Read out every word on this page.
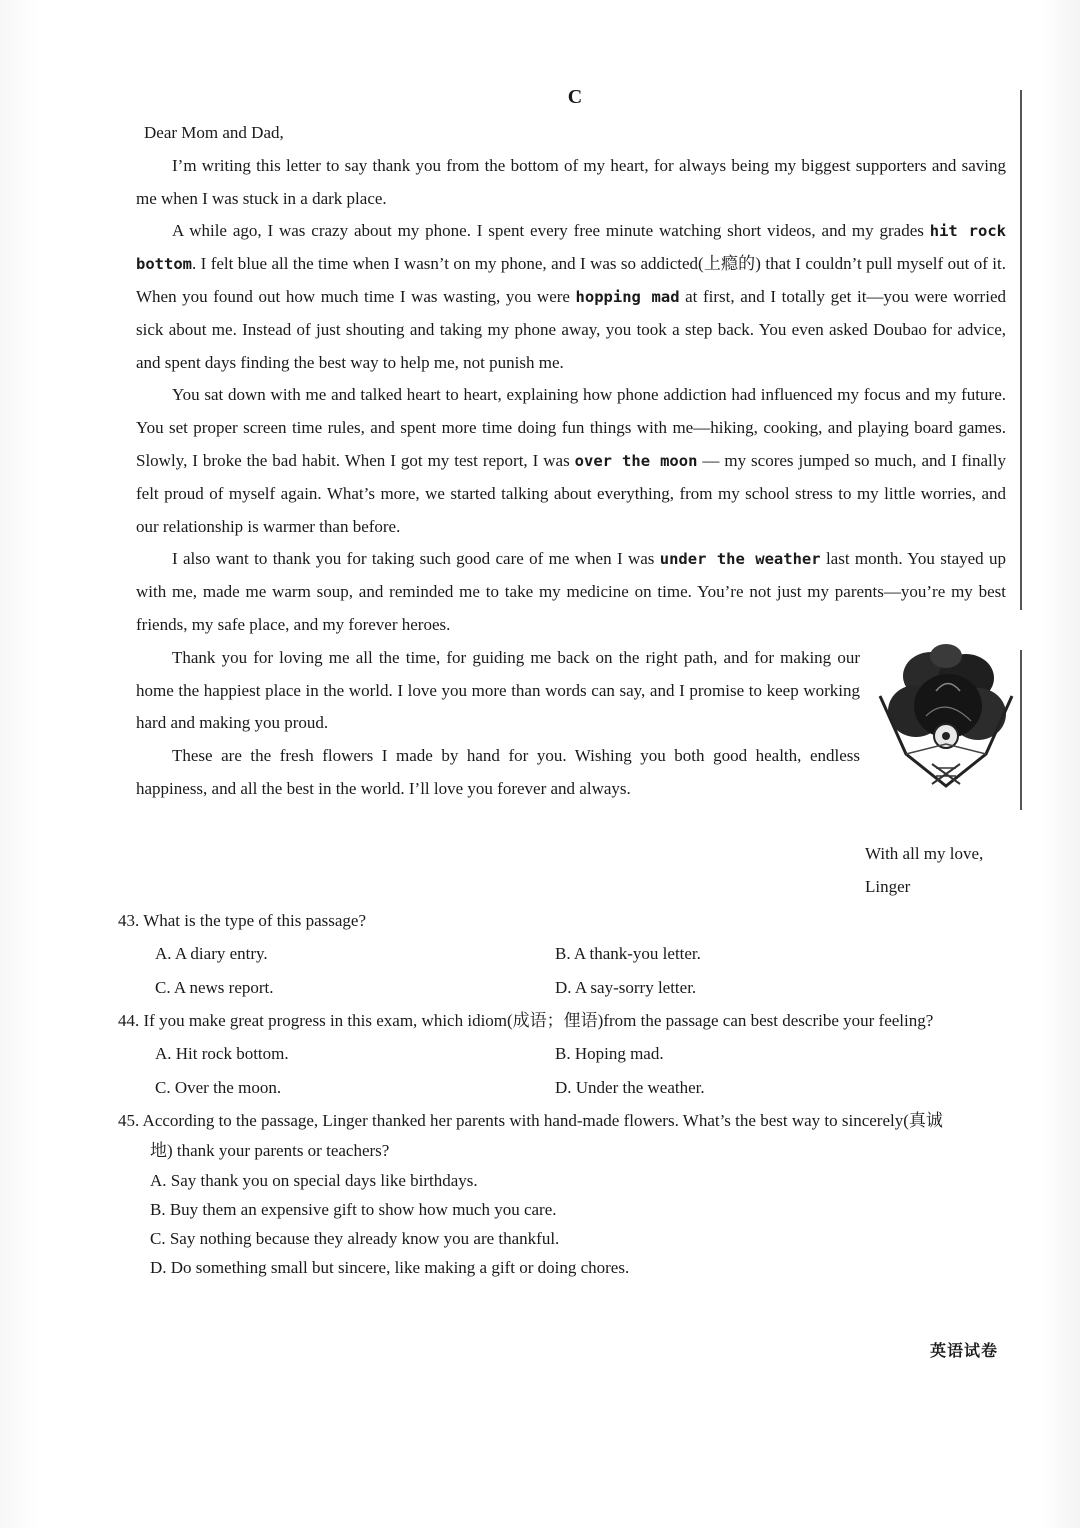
C

Dear Mom and Dad,

I’m writing this letter to say thank you from the bottom of my heart, for always being my biggest supporters and saving me when I was stuck in a dark place.

A while ago, I was crazy about my phone. I spent every free minute watching short videos, and my grades hit rock bottom. I felt blue all the time when I wasn’t on my phone, and I was so addicted(上瘾的) that I couldn’t pull myself out of it. When you found out how much time I was wasting, you were hopping mad at first, and I totally get it—you were worried sick about me. Instead of just shouting and taking my phone away, you took a step back. You even asked Doubao for advice, and spent days finding the best way to help me, not punish me.

You sat down with me and talked heart to heart, explaining how phone addiction had influenced my focus and my future. You set proper screen time rules, and spent more time doing fun things with me—hiking, cooking, and playing board games. Slowly, I broke the bad habit. When I got my test report, I was over the moon — my scores jumped so much, and I finally felt proud of myself again. What’s more, we started talking about everything, from my school stress to my little worries, and our relationship is warmer than before.

I also want to thank you for taking such good care of me when I was under the weather last month. You stayed up with me, made me warm soup, and reminded me to take my medicine on time. You’re not just my parents—you’re my best friends, my safe place, and my forever heroes.

Thank you for loving me all the time, for guiding me back on the right path, and for making our home the happiest place in the world. I love you more than words can say, and I promise to keep working hard and making you proud.

These are the fresh flowers I made by hand for you. Wishing you both good health, endless happiness, and all the best in the world. I’ll love you forever and always.

With all my love,
Linger
43. What is the type of this passage?
A. A diary entry.	B. A thank-you letter.
C. A news report.	D. A say-sorry letter.
44. If you make great progress in this exam, which idiom(成语；俚语)from the passage can best describe your feeling?
A. Hit rock bottom.	B. Hoping mad.
C. Over the moon.	D. Under the weather.
45. According to the passage, Linger thanked her parents with hand-made flowers. What’s the best way to sincerely(真诚
地) thank your parents or teachers?
A. Say thank you on special days like birthdays.
B. Buy them an expensive gift to show how much you care.
C. Say nothing because they already know you are thankful.
D. Do something small but sincere, like making a gift or doing chores.
英语试卷
